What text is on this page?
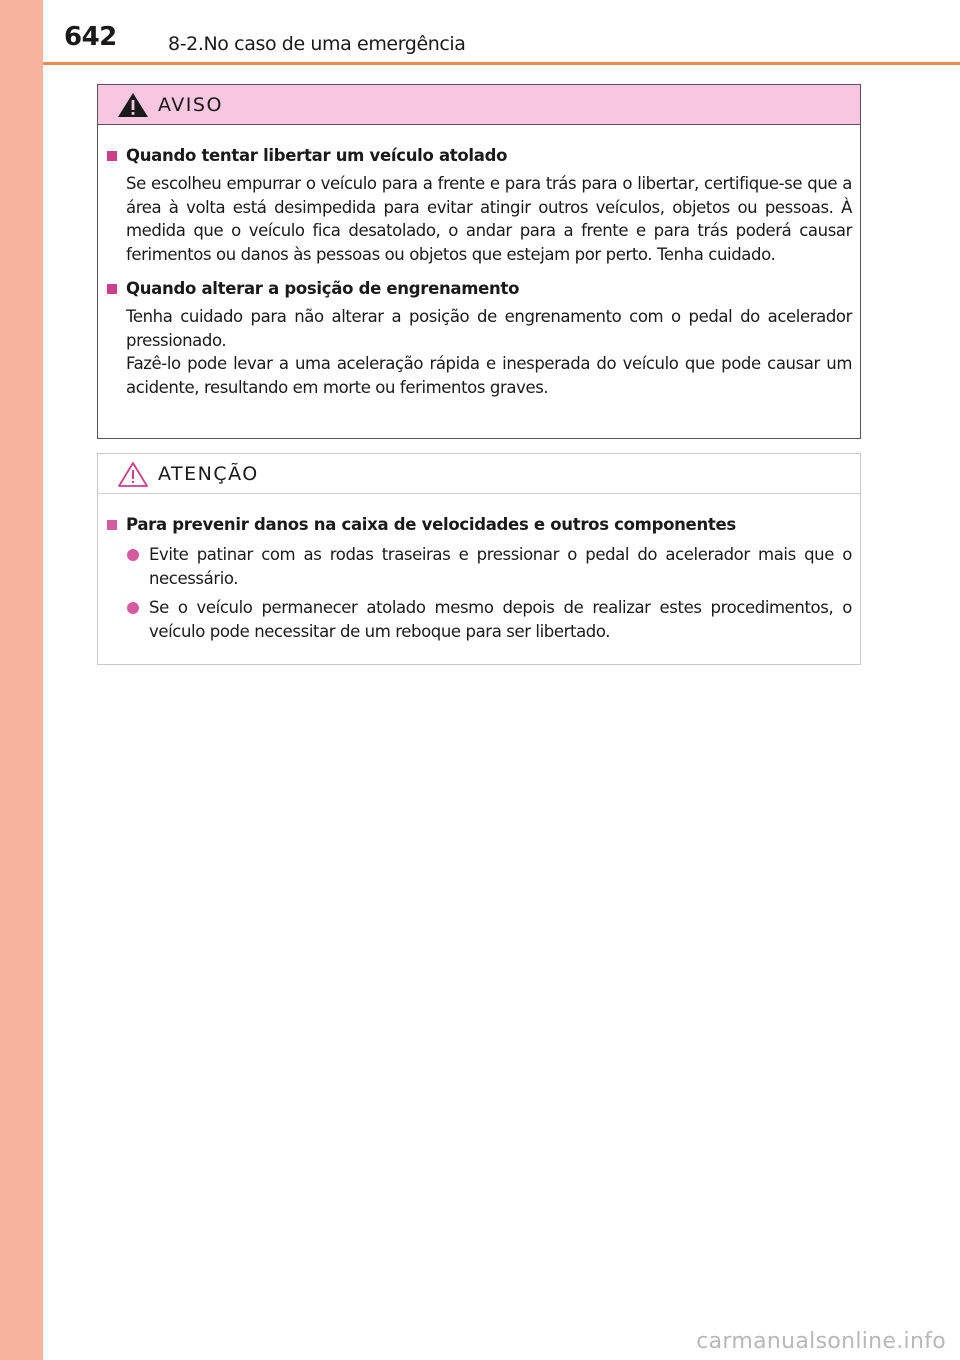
642	8-2.No caso de uma emergência
AVISO
Quando tentar libertar um veículo atolado
Se escolheu empurrar o veículo para a frente e para trás para o libertar, certifique-se que a área à volta está desimpedida para evitar atingir outros veículos, objetos ou pessoas. À medida que o veículo fica desatolado, o andar para a frente e para trás poderá causar ferimentos ou danos às pessoas ou objetos que estejam por perto. Tenha cuidado.
Quando alterar a posição de engrenamento
Tenha cuidado para não alterar a posição de engrenamento com o pedal do acelerador pressionado.
Fazê-lo pode levar a uma aceleração rápida e inesperada do veículo que pode causar um acidente, resultando em morte ou ferimentos graves.
ATENÇÃO
Para prevenir danos na caixa de velocidades e outros componentes
Evite patinar com as rodas traseiras e pressionar o pedal do acelerador mais que o necessário.
Se o veículo permanecer atolado mesmo depois de realizar estes procedimentos, o veículo pode necessitar de um reboque para ser libertado.
carmanualsonline.info
